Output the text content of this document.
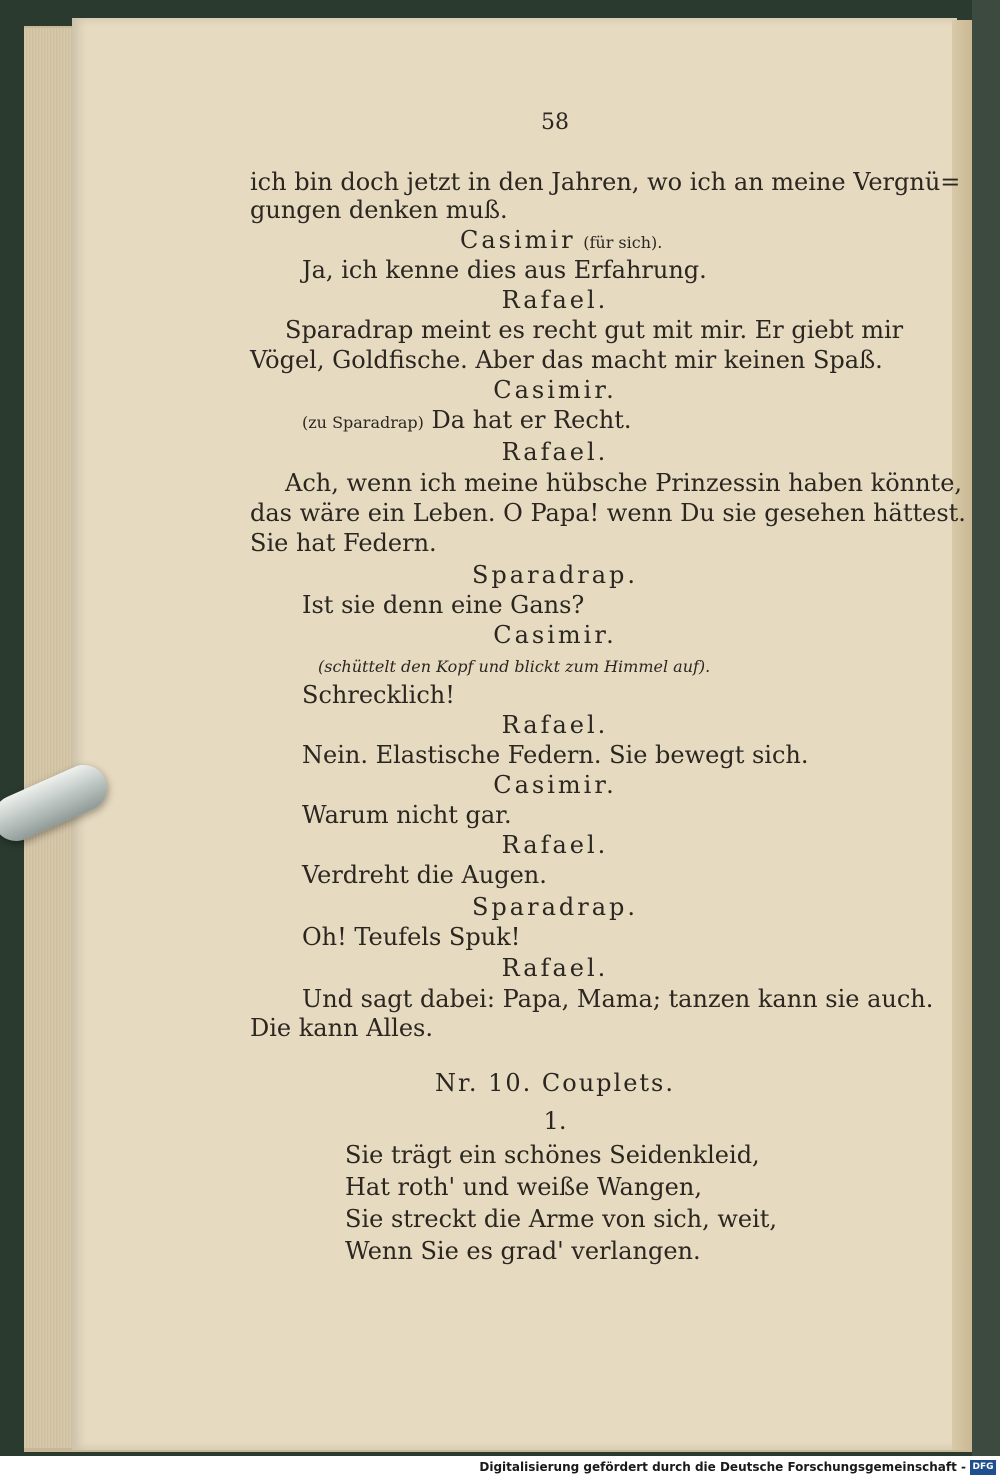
58

ich bin doch jetzt in den Jahren, wo ich an meine Vergnü=

gungen denken muß.

Casimir (für sich).

Ja, ich kenne dies aus Erfahrung.

Rafael.

Sparadrap meint es recht gut mit mir. Er giebt mir

Vögel, Goldfische. Aber das macht mir keinen Spaß.

Casimir.

(zu Sparadrap) Da hat er Recht.

Rafael.

Ach, wenn ich meine hübsche Prinzessin haben könnte,

das wäre ein Leben. O Papa! wenn Du sie gesehen hättest.

Sie hat Federn.

Sparadrap.

Ist sie denn eine Gans?

Casimir.

(schüttelt den Kopf und blickt zum Himmel auf).

Schrecklich!

Rafael.

Nein. Elastische Federn. Sie bewegt sich.

Casimir.

Warum nicht gar.

Rafael.

Verdreht die Augen.

Sparadrap.

Oh! Teufels Spuk!

Rafael.

Und sagt dabei: Papa, Mama; tanzen kann sie auch.

Die kann Alles.

Nr. 10. Couplets.

1.

Sie trägt ein schönes Seidenkleid,

Hat roth' und weiße Wangen,

Sie streckt die Arme von sich, weit,

Wenn Sie es grad' verlangen.

Digitalisierung gefördert durch die Deutsche Forschungsgemeinschaft - DFG
